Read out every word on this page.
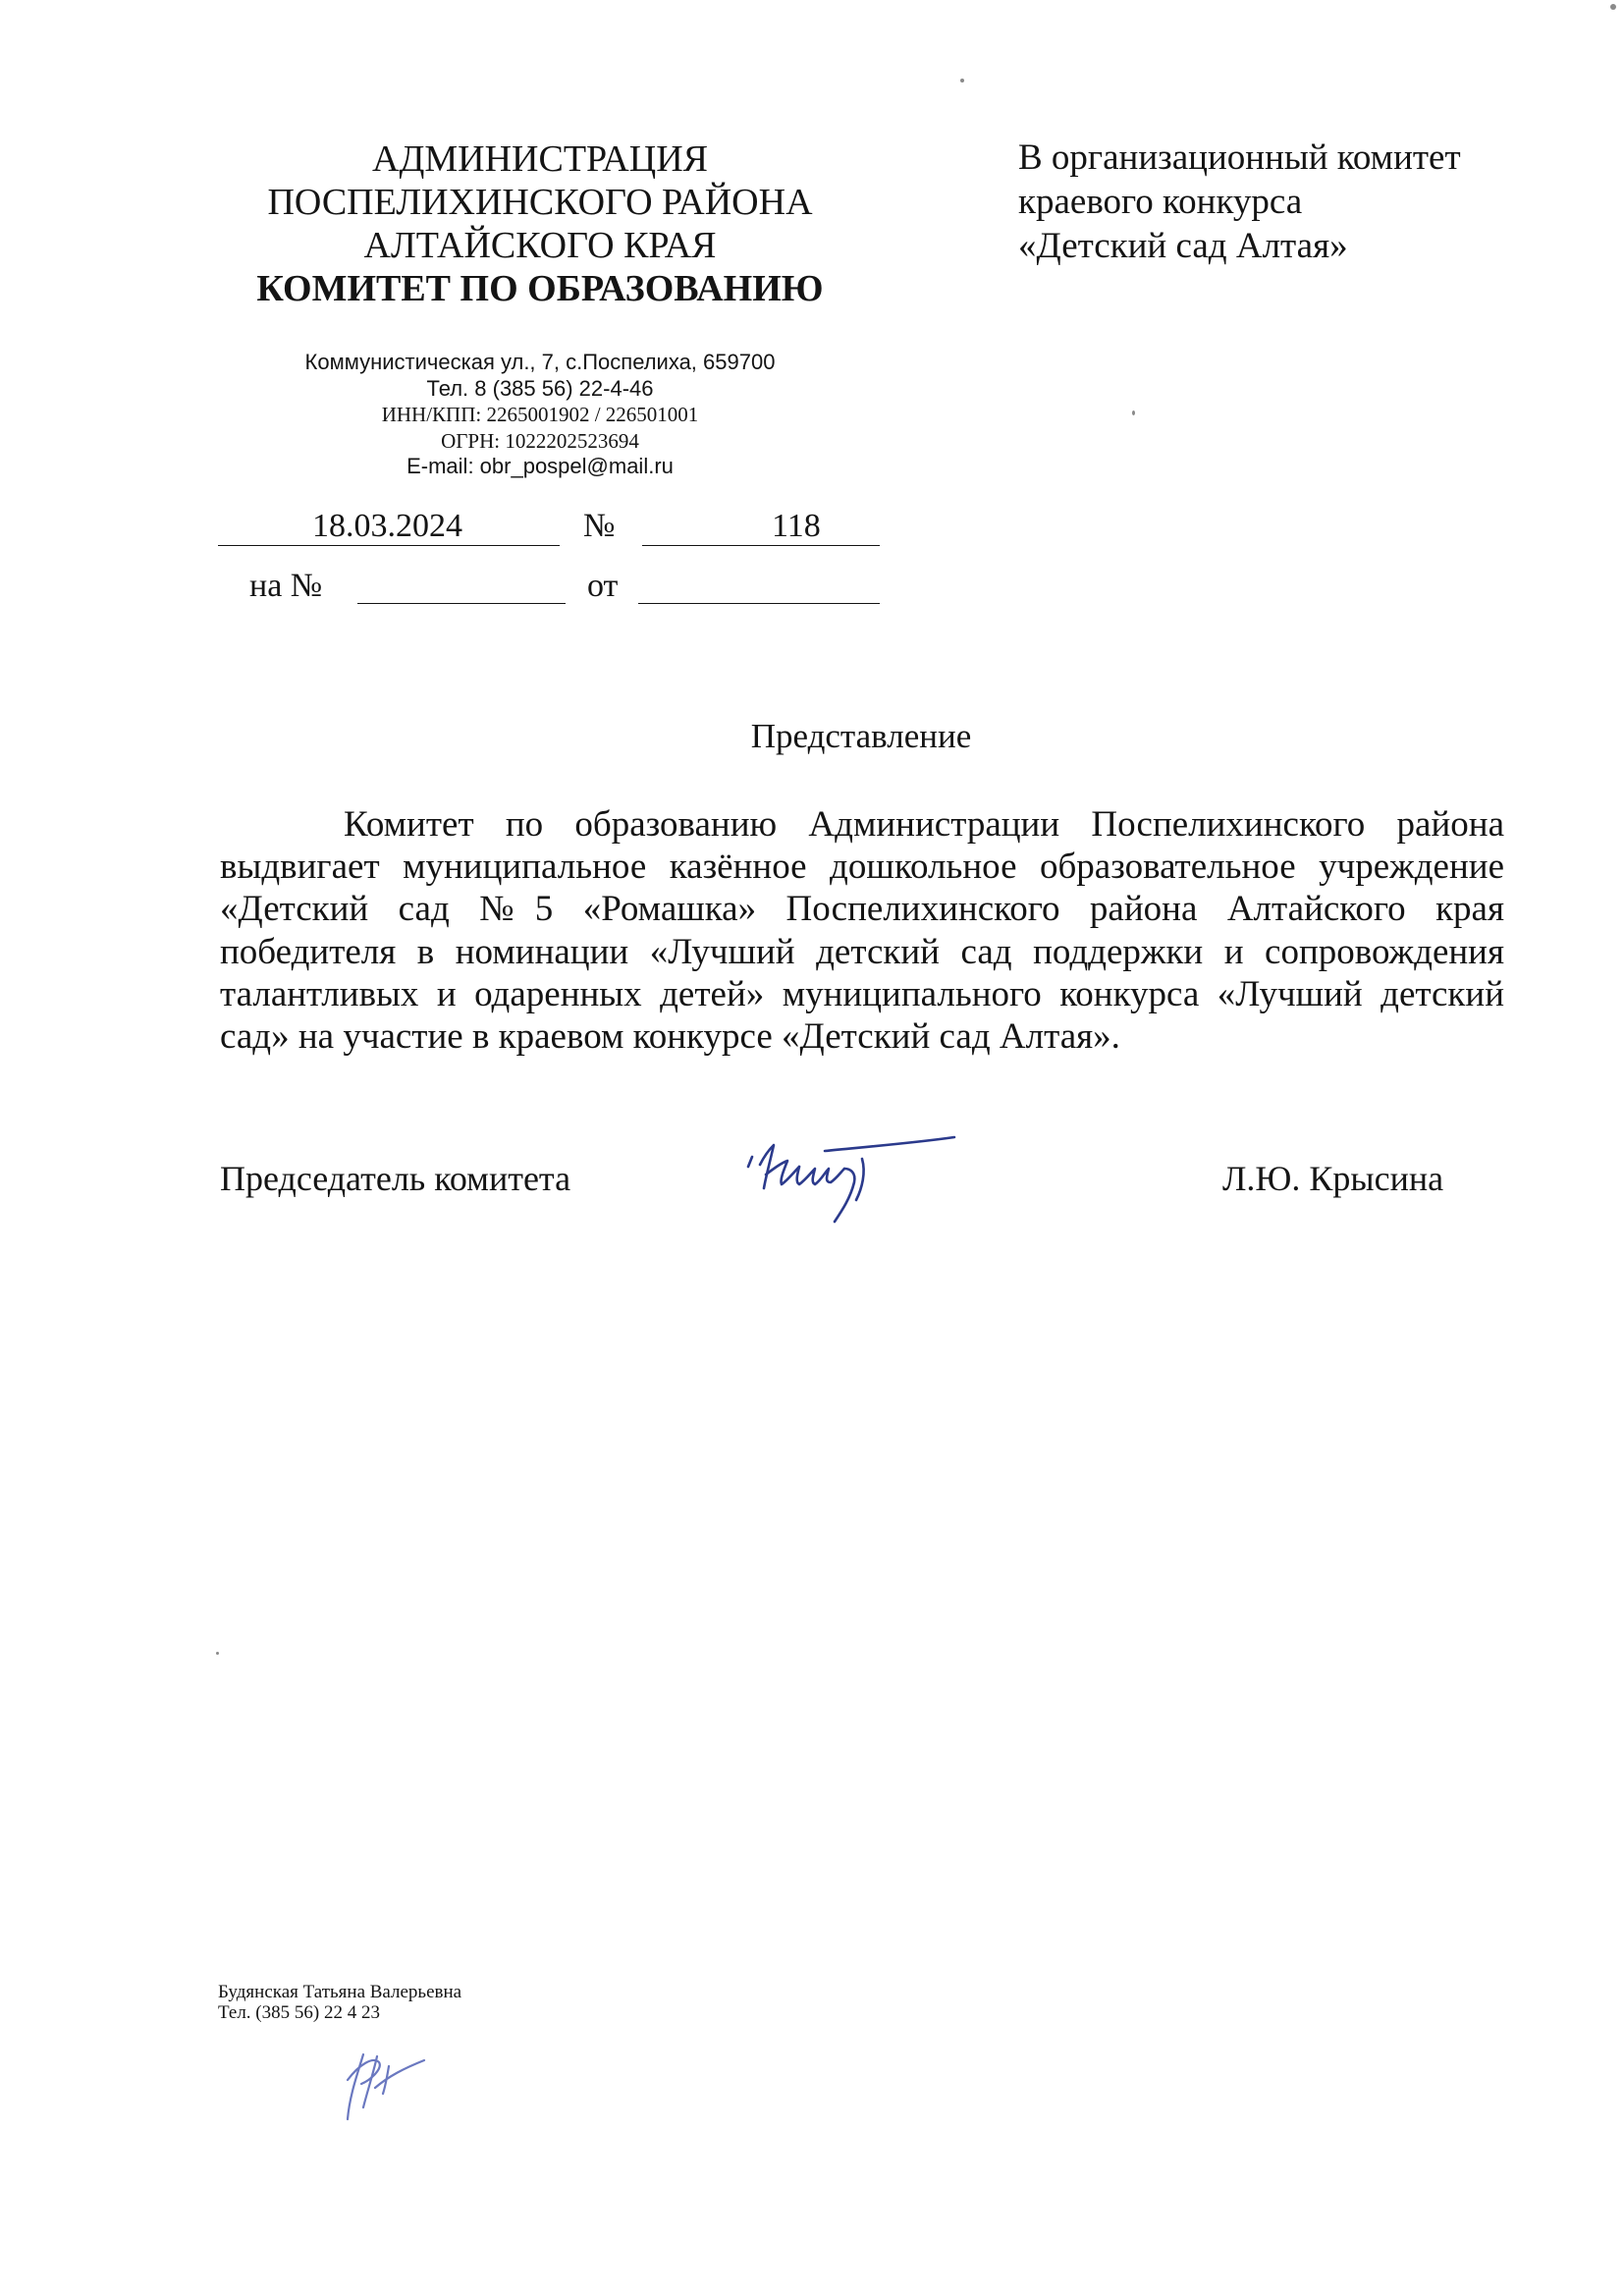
АДМИНИСТРАЦИЯ
ПОСПЕЛИХИНСКОГО РАЙОНА
АЛТАЙСКОГО КРАЯ
КОМИТЕТ ПО ОБРАЗОВАНИЮ
Коммунистическая ул., 7, с.Поспелиха, 659700
Тел. 8 (385 56) 22-4-46
ИНН/КПП: 2265001902 / 226501001
ОГРН: 1022202523694
E-mail: obr_pospel@mail.ru
В организационный комитет
краевого конкурса
«Детский сад Алтая»
18.03.2024	№	118
на №	от
Представление
Комитет по образованию Администрации Поспелихинского района выдвигает муниципальное казённое дошкольное образовательное учреждение «Детский сад №5 «Ромашка» Поспелихинского района Алтайского края победителя в номинации «Лучший детский сад поддержки и сопровождения талантливых и одаренных детей» муниципального конкурса «Лучший детский сад» на участие в краевом конкурсе «Детский сад Алтая».
Председатель комитета	Л.Ю. Крысина
Будянская Татьяна Валерьевна
Тел. (385 56) 22 4 23
